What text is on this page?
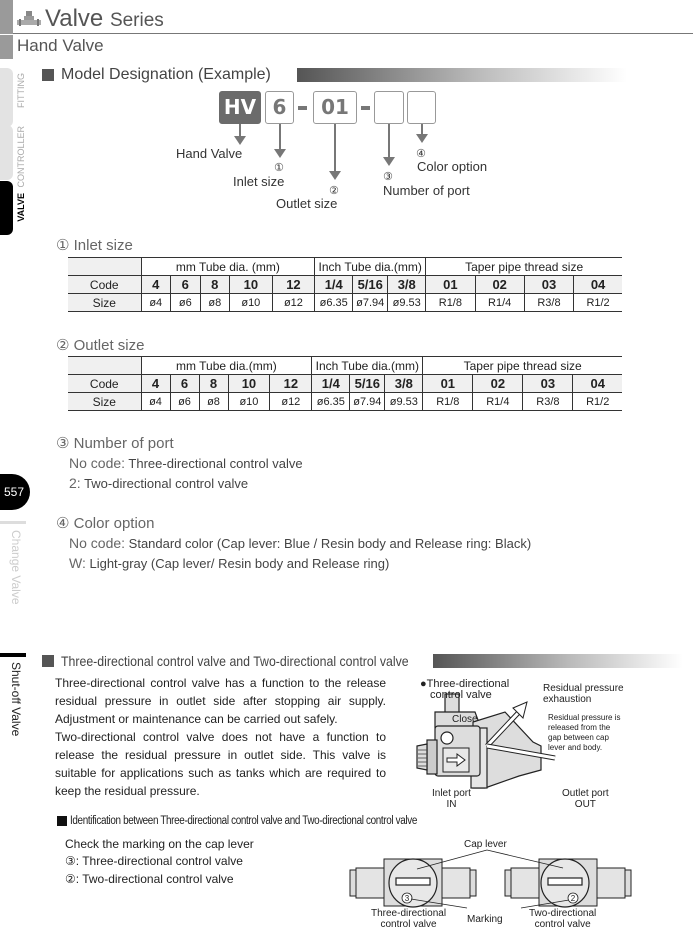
Valve Series
Hand Valve
FITTING
CONTROLLER
VALVE
557
Change Valve
Shut-off Valve
Model Designation (Example)
HV 6	01
Hand Valve
①
Inlet size
②
Outlet size
③
Number of port
④
Color option
① Inlet size
	mm Tube dia. (mm)					Inch Tube dia.(mm)			Taper pipe thread size			
Code	4	6	8	10	12	1/4	5/16	3/8	01	02	03	04
Size	ø4	ø6	ø8	ø10	ø12	ø6.35	ø7.94	ø9.53	R1/8	R1/4	R3/8	R1/2
② Outlet size
	mm Tube dia.(mm)					Inch Tube dia.(mm)			Taper pipe thread size			
Code	4	6	8	10	12	1/4	5/16	3/8	01	02	03	04
Size	ø4	ø6	ø8	ø10	ø12	ø6.35	ø7.94	ø9.53	R1/8	R1/4	R3/8	R1/2
③ Number of port
No code: Three-directional control valve
2: Two-directional control valve
④ Color option
No code: Standard color (Cap lever: Blue / Resin body and Release ring: Black)
W: Light-gray (Cap lever/ Resin body and Release ring)
Three-directional control valve and Two-directional control valve

Three-directional control valve has a function to the release residual pressure in outlet side after stopping air supply. Adjustment or maintenance can be carried out safely.

Two-directional control valve does not have a function to release the residual pressure in outlet side. This valve is suitable for applications such as tanks which are required to keep the residual pressure.

●Three-directional
control valve
Close
Residual pressure
exhaustion
Residual pressure is
released from the
gap between cap
lever and body.
Inlet port
IN
Outlet port
OUT
Identification between Three-directional control valve and Two-directional control valve
Check the marking on the cap lever
③: Three-directional control valve
②: Two-directional control valve
3	2
Cap lever
Marking
Three-directional
control valve
Two-directional
control valve
